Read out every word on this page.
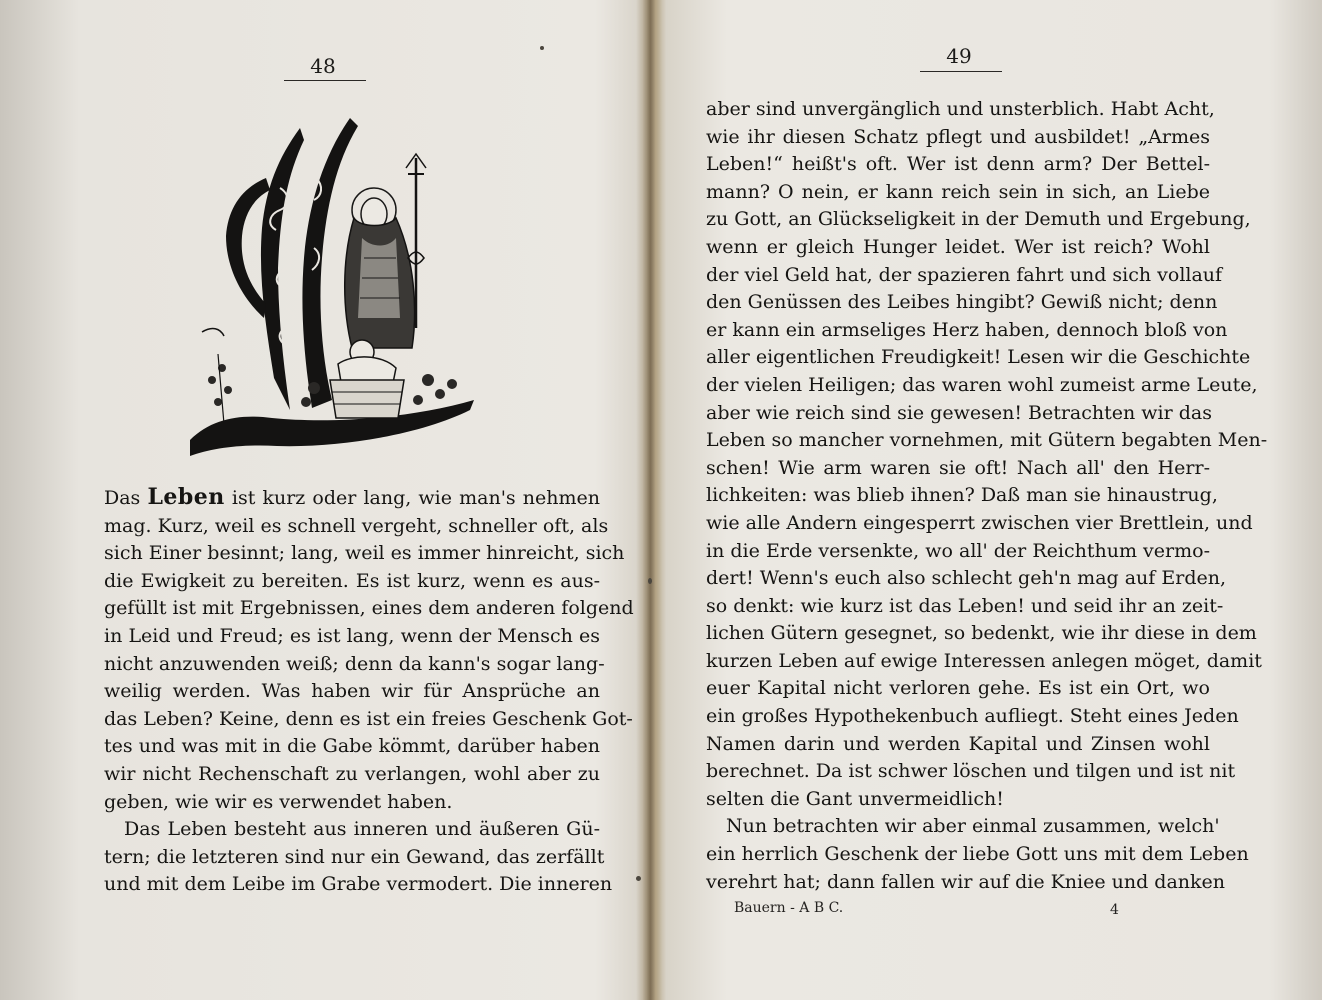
48
Das Leben ist kurz oder lang, wie man's nehmen
mag. Kurz, weil es schnell vergeht, schneller oft, als
sich Einer besinnt; lang, weil es immer hinreicht, sich
die Ewigkeit zu bereiten. Es ist kurz, wenn es aus-
gefüllt ist mit Ergebnissen, eines dem anderen folgend
in Leid und Freud; es ist lang, wenn der Mensch es
nicht anzuwenden weiß; denn da kann's sogar lang-
weilig werden. Was haben wir für Ansprüche an
das Leben? Keine, denn es ist ein freies Geschenk Got-
tes und was mit in die Gabe kömmt, darüber haben
wir nicht Rechenschaft zu verlangen, wohl aber zu
geben, wie wir es verwendet haben.
Das Leben besteht aus inneren und äußeren Gü-
tern; die letzteren sind nur ein Gewand, das zerfällt
und mit dem Leibe im Grabe vermodert. Die inneren
49
aber sind unvergänglich und unsterblich. Habt Acht,
wie ihr diesen Schatz pflegt und ausbildet! „Armes
Leben!“ heißt's oft. Wer ist denn arm? Der Bettel-
mann? O nein, er kann reich sein in sich, an Liebe
zu Gott, an Glückseligkeit in der Demuth und Ergebung,
wenn er gleich Hunger leidet. Wer ist reich? Wohl
der viel Geld hat, der spazieren fahrt und sich vollauf
den Genüssen des Leibes hingibt? Gewiß nicht; denn
er kann ein armseliges Herz haben, dennoch bloß von
aller eigentlichen Freudigkeit! Lesen wir die Geschichte
der vielen Heiligen; das waren wohl zumeist arme Leute,
aber wie reich sind sie gewesen! Betrachten wir das
Leben so mancher vornehmen, mit Gütern begabten Men-
schen! Wie arm waren sie oft! Nach all' den Herr-
lichkeiten: was blieb ihnen? Daß man sie hinaustrug,
wie alle Andern eingesperrt zwischen vier Brettlein, und
in die Erde versenkte, wo all' der Reichthum vermo-
dert! Wenn's euch also schlecht geh'n mag auf Erden,
so denkt: wie kurz ist das Leben! und seid ihr an zeit-
lichen Gütern gesegnet, so bedenkt, wie ihr diese in dem
kurzen Leben auf ewige Interessen anlegen möget, damit
euer Kapital nicht verloren gehe. Es ist ein Ort, wo
ein großes Hypothekenbuch aufliegt. Steht eines Jeden
Namen darin und werden Kapital und Zinsen wohl
berechnet. Da ist schwer löschen und tilgen und ist nit
selten die Gant unvermeidlich!
Nun betrachten wir aber einmal zusammen, welch'
ein herrlich Geschenk der liebe Gott uns mit dem Leben
verehrt hat; dann fallen wir auf die Kniee und danken
Bauern - A B C.	4
